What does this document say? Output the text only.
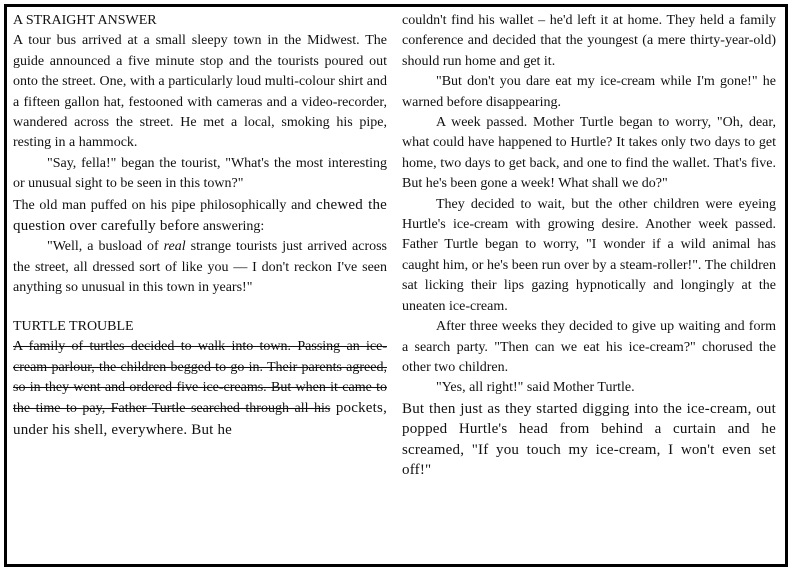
A STRAIGHT ANSWER

A tour bus arrived at a small sleepy town in the Midwest. The guide announced a five minute stop and the tourists poured out onto the street. One, with a particularly loud multi-colour shirt and a fifteen gallon hat, festooned with cameras and a video-recorder, wandered across the street. He met a local, smoking his pipe, resting in a hammock.

"Say, fella!" began the tourist, "What's the most interesting or unusual sight to be seen in this town?"

The old man puffed on his pipe philosophically and chewed the question over carefully before answering:

"Well, a busload of real strange tourists just arrived across the street, all dressed sort of like you — I don't reckon I've seen anything so unusual in this town in years!"

TURTLE TROUBLE

A family of turtles decided to walk into town. Passing an ice-cream parlour, the children begged to go in. Their parents agreed, so in they went and ordered five ice-creams. But when it came to the time to pay, Father Turtle searched through all his pockets, under his shell, everywhere. But he

couldn't find his wallet – he'd left it at home. They held a family conference and decided that the youngest (a mere thirty-year-old) should run home and get it.

"But don't you dare eat my ice-cream while I'm gone!" he warned before disappearing.

A week passed. Mother Turtle began to worry, "Oh, dear, what could have happened to Hurtle? It takes only two days to get home, two days to get back, and one to find the wallet. That's five. But he's been gone a week! What shall we do?"

They decided to wait, but the other children were eyeing Hurtle's ice-cream with growing desire. Another week passed. Father Turtle began to worry, "I wonder if a wild animal has caught him, or he's been run over by a steam-roller!". The children sat licking their lips gazing hypnotically and longingly at the uneaten ice-cream.

After three weeks they decided to give up waiting and form a search party. "Then can we eat his ice-cream?" chorused the other two children.

"Yes, all right!" said Mother Turtle.

But then just as they started digging into the ice-cream, out popped Hurtle's head from behind a curtain and he screamed, "If you touch my ice-cream, I won't even set off!"
